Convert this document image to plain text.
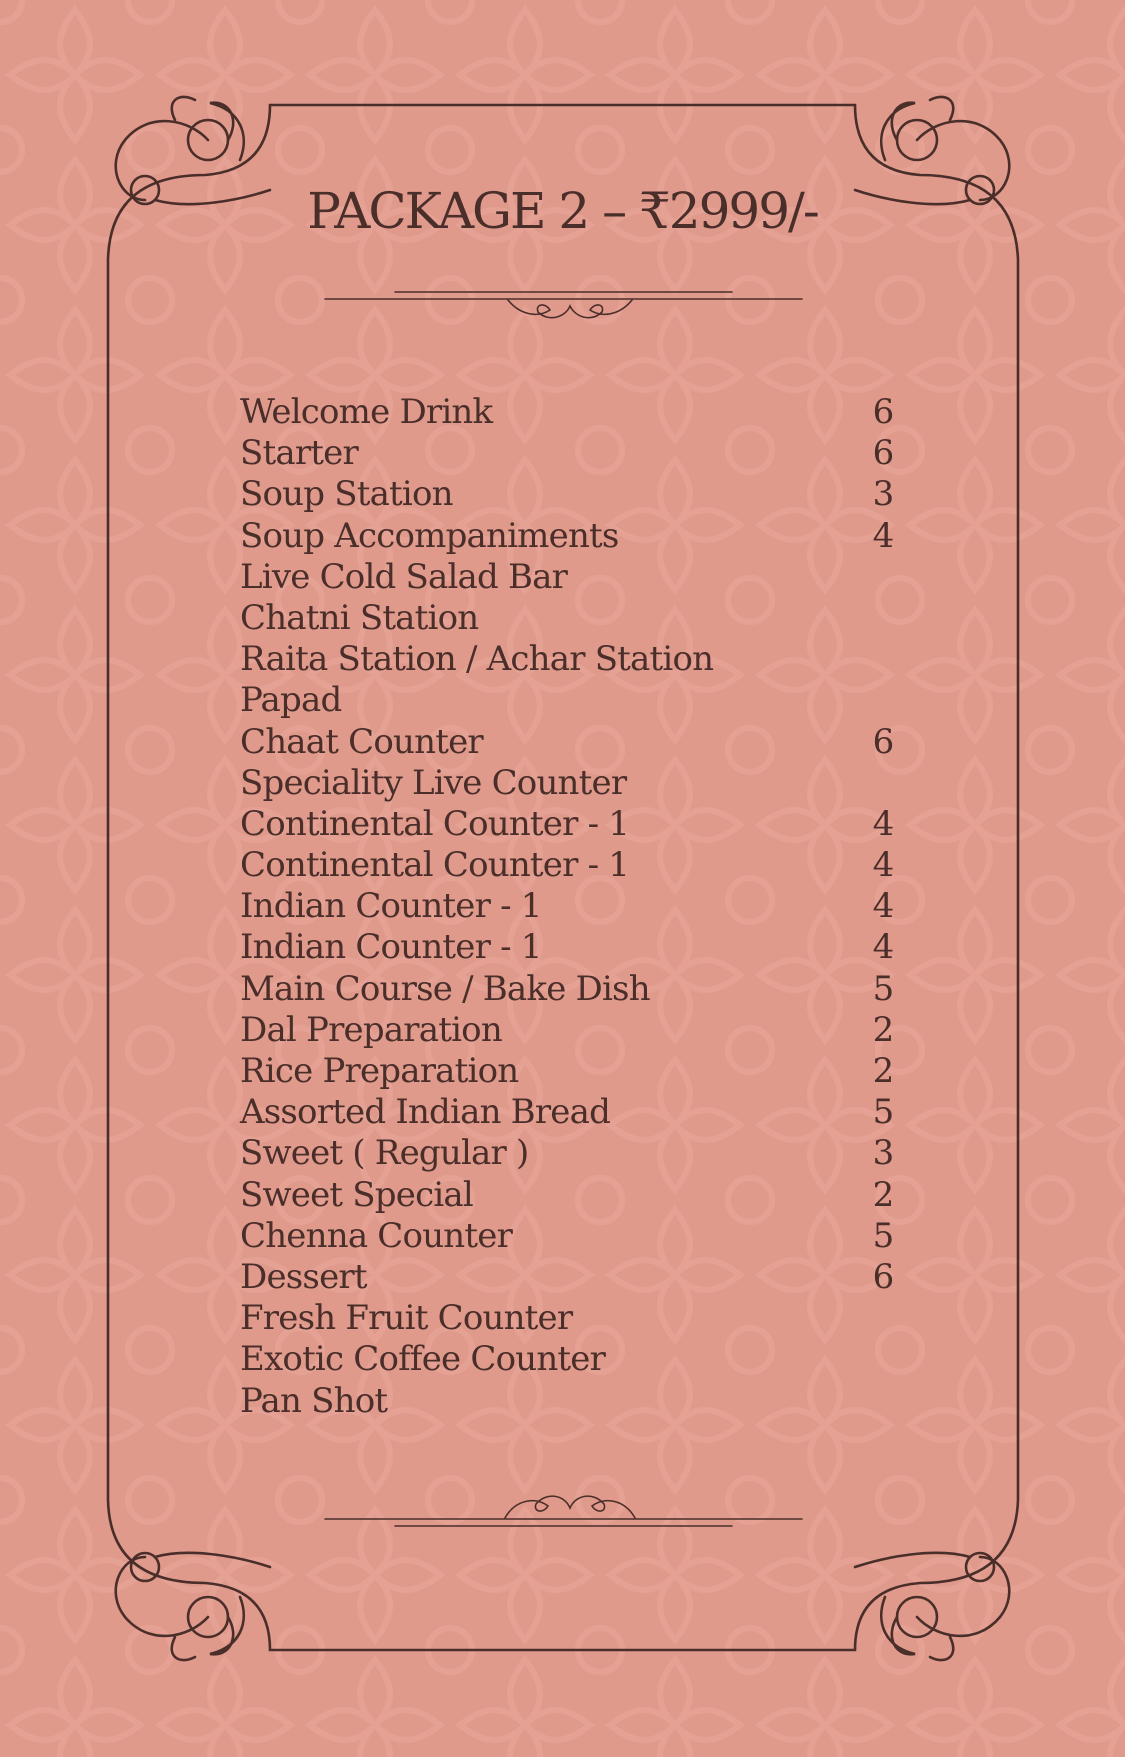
PACKAGE 2 – ₹2999/-
Welcome Drink	6
Starter	6
Soup Station	3
Soup Accompaniments	4
Live Cold Salad Bar
Chatni Station
Raita Station / Achar Station
Papad
Chaat Counter	6
Speciality Live Counter
Continental Counter - 1	4
Continental Counter - 1	4
Indian Counter - 1	4
Indian Counter - 1	4
Main Course / Bake Dish	5
Dal Preparation	2
Rice Preparation	2
Assorted Indian Bread	5
Sweet ( Regular )	3
Sweet Special	2
Chenna Counter	5
Dessert	6
Fresh Fruit Counter
Exotic Coffee Counter
Pan Shot
